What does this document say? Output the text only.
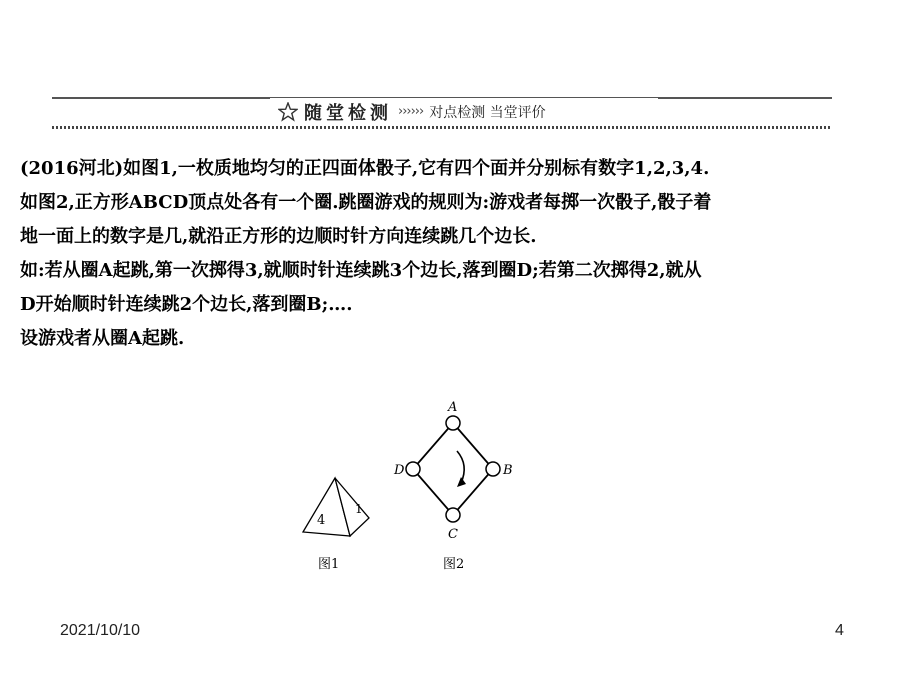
随堂检测 ›››››› 对点检测 当堂评价

(2016河北)如图1,一枚质地均匀的正四面体骰子,它有四个面并分别标有数字1,2,3,4.

如图2,正方形ABCD顶点处各有一个圈.跳圈游戏的规则为:游戏者每掷一次骰子,骰子着

地一面上的数字是几,就沿正方形的边顺时针方向连续跳几个边长.

如:若从圈A起跳,第一次掷得3,就顺时针连续跳3个边长,落到圈D;若第二次掷得2,就从

D开始顺时针连续跳2个边长,落到圈B;….

设游戏者从圈A起跳.

4
1
图1
A
B
C
D
图2
2021/10/10	4
